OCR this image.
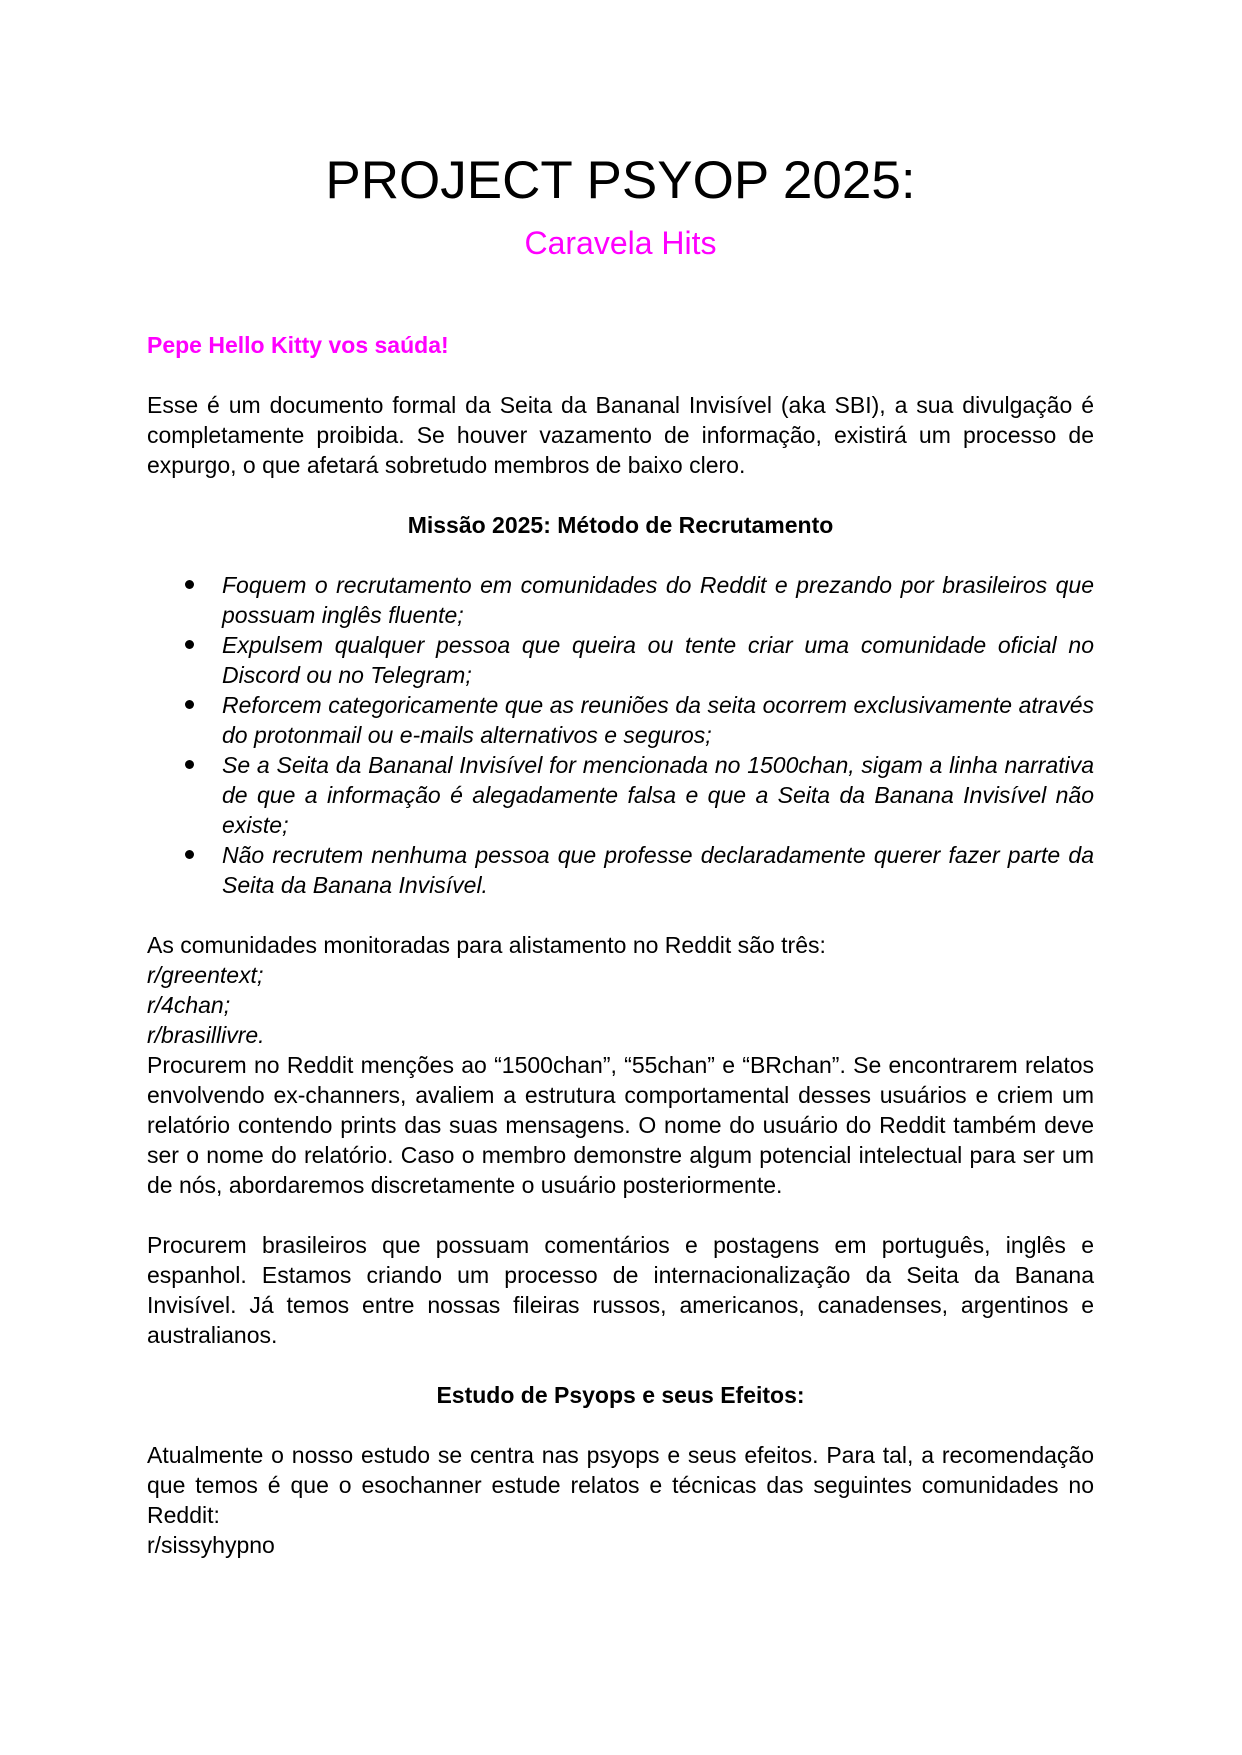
PROJECT PSYOP 2025:
Caravela Hits
Pepe Hello Kitty vos saúda!

Esse é um documento formal da Seita da Bananal Invisível (aka SBI), a sua divulgação é completamente proibida. Se houver vazamento de informação, existirá um processo de expurgo, o que afetará sobretudo membros de baixo clero.

Missão 2025: Método de Recrutamento
Foquem o recrutamento em comunidades do Reddit e prezando por brasileiros que possuam inglês fluente;
Expulsem qualquer pessoa que queira ou tente criar uma comunidade oficial no Discord ou no Telegram;
Reforcem categoricamente que as reuniões da seita ocorrem exclusivamente através do protonmail ou e-mails alternativos e seguros;
Se a Seita da Bananal Invisível for mencionada no 1500chan, sigam a linha narrativa de que a informação é alegadamente falsa e que a Seita da Banana Invisível não existe;
Não recrutem nenhuma pessoa que professe declaradamente querer fazer parte da Seita da Banana Invisível.
As comunidades monitoradas para alistamento no Reddit são três:
r/greentext;
r/4chan;
r/brasillivre.

Procurem no Reddit menções ao “1500chan”, “55chan” e “BRchan”. Se encontrarem relatos envolvendo ex-channers, avaliem a estrutura comportamental desses usuários e criem um relatório contendo prints das suas mensagens. O nome do usuário do Reddit também deve ser o nome do relatório. Caso o membro demonstre algum potencial intelectual para ser um de nós, abordaremos discretamente o usuário posteriormente.

Procurem brasileiros que possuam comentários e postagens em português, inglês e espanhol. Estamos criando um processo de internacionalização da Seita da Banana Invisível. Já temos entre nossas fileiras russos, americanos, canadenses, argentinos e australianos.

Estudo de Psyops e seus Efeitos:
Atualmente o nosso estudo se centra nas psyops e seus efeitos. Para tal, a recomendação que temos é que o esochanner estude relatos e técnicas das seguintes comunidades no Reddit:
r/sissyhypno
